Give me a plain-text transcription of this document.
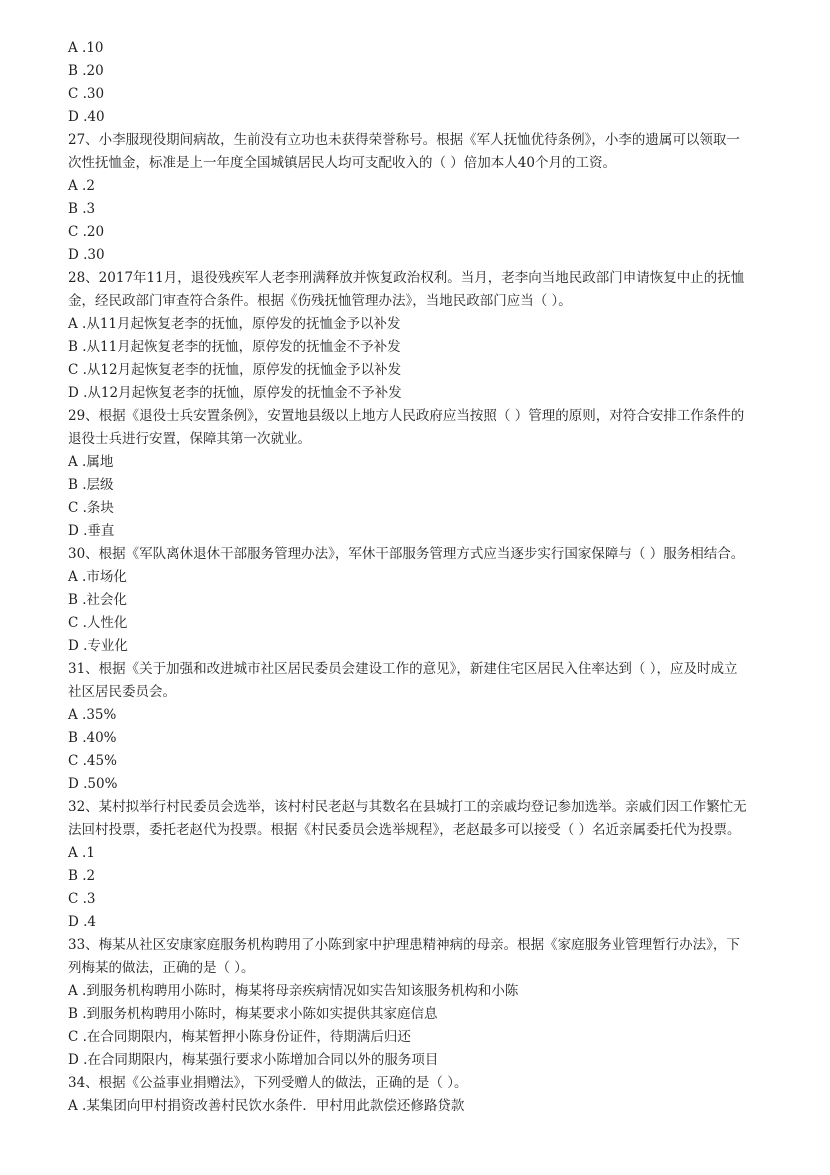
A .10
B .20
C .30
D .40
27、小李服现役期间病故，生前没有立功也未获得荣誉称号。根据《军人抚恤优待条例》，小李的遗属可以领取一
次性抚恤金，标准是上一年度全国城镇居民人均可支配收入的（ ）倍加本人40个月的工资。
A .2
B .3
C .20
D .30
28、2017年11月，退役残疾军人老李刑满释放并恢复政治权利。当月，老李向当地民政部门申请恢复中止的抚恤
金，经民政部门审查符合条件。根据《伤残抚恤管理办法》，当地民政部门应当（ ）。
A .从11月起恢复老李的抚恤，原停发的抚恤金予以补发
B .从11月起恢复老李的抚恤，原停发的抚恤金不予补发
C .从12月起恢复老李的抚恤，原停发的抚恤金予以补发
D .从12月起恢复老李的抚恤，原停发的抚恤金不予补发
29、根据《退役士兵安置条例》，安置地县级以上地方人民政府应当按照（ ）管理的原则，对符合安排工作条件的
退役士兵进行安置，保障其第一次就业。
A .属地
B .层级
C .条块
D .垂直
30、根据《军队离休退休干部服务管理办法》，军休干部服务管理方式应当逐步实行国家保障与（ ）服务相结合。
A .市场化
B .社会化
C .人性化
D .专业化
31、根据《关于加强和改进城市社区居民委员会建设工作的意见》，新建住宅区居民入住率达到（ ），应及时成立
社区居民委员会。
A .35%
B .40%
C .45%
D .50%
32、某村拟举行村民委员会选举，该村村民老赵与其数名在县城打工的亲戚均登记参加选举。亲戚们因工作繁忙无
法回村投票，委托老赵代为投票。根据《村民委员会选举规程》，老赵最多可以接受（ ）名近亲属委托代为投票。
A .1
B .2
C .3
D .4
33、梅某从社区安康家庭服务机构聘用了小陈到家中护理患精神病的母亲。根据《家庭服务业管理暂行办法》，下
列梅某的做法，正确的是（ ）。
A .到服务机构聘用小陈时，梅某将母亲疾病情况如实告知该服务机构和小陈
B .到服务机构聘用小陈时，梅某要求小陈如实提供其家庭信息
C .在合同期限内，梅某暂押小陈身份证件，待期满后归还
D .在合同期限内，梅某强行要求小陈增加合同以外的服务项目
34、根据《公益事业捐赠法》，下列受赠人的做法，正确的是（ ）。
A .某集团向甲村捐资改善村民饮水条件．甲村用此款偿还修路贷款
